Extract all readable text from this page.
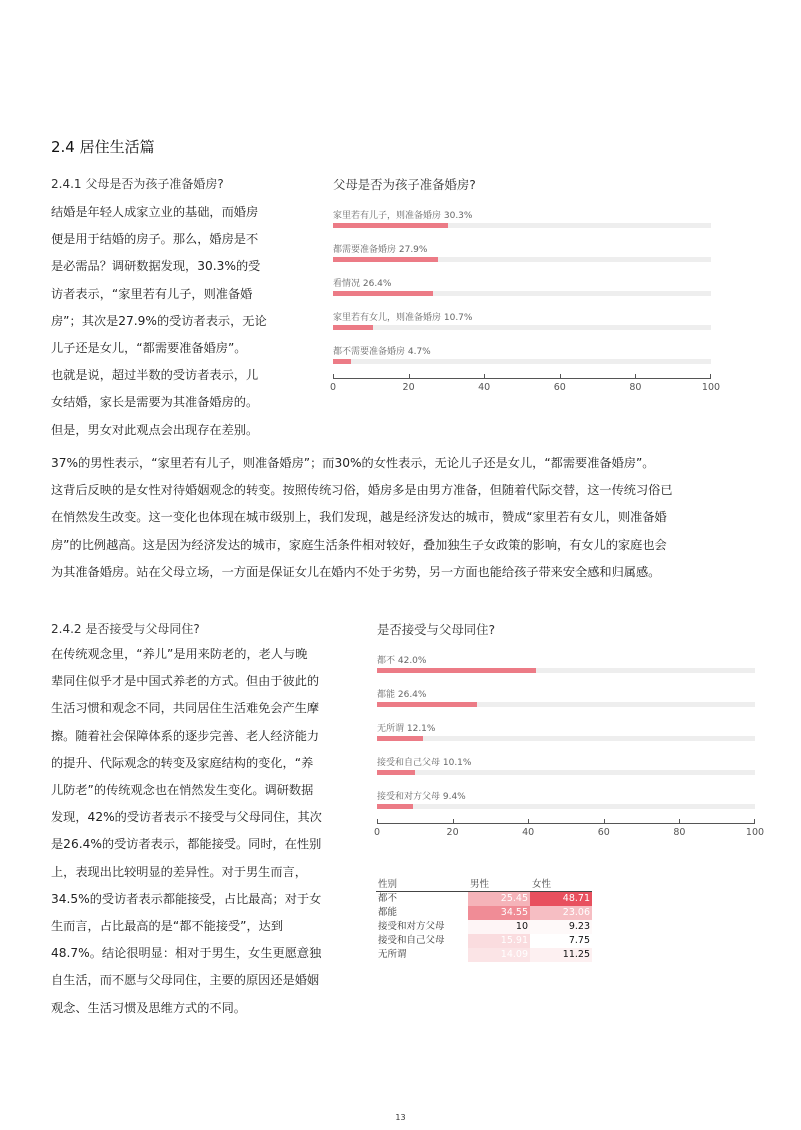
2.4 居住生活篇
2.4.1 父母是否为孩子准备婚房?

结婚是年轻人成家立业的基础，而婚房

便是用于结婚的房子。那么，婚房是不

是必需品？调研数据发现，30.3%的受

访者表示，“家里若有儿子，则准备婚

房”；其次是27.9%的受访者表示，无论

儿子还是女儿，“都需要准备婚房”。

也就是说，超过半数的受访者表示，儿

女结婚，家长是需要为其准备婚房的。

但是，男女对此观点会出现存在差别。

37%的男性表示，“家里若有儿子，则准备婚房”；而30%的女性表示，无论儿子还是女儿，“都需要准备婚房”。

这背后反映的是女性对待婚姻观念的转变。按照传统习俗，婚房多是由男方准备，但随着代际交替，这一传统习俗已

在悄然发生改变。这一变化也体现在城市级别上，我们发现，越是经济发达的城市，赞成“家里若有女儿，则准备婚

房”的比例越高。这是因为经济发达的城市，家庭生活条件相对较好，叠加独生子女政策的影响，有女儿的家庭也会

为其准备婚房。站在父母立场，一方面是保证女儿在婚内不处于劣势，另一方面也能给孩子带来安全感和归属感。

父母是否为孩子准备婚房?
家里若有儿子，则准备婚房 30.3%
都需要准备婚房 27.9%
看情况 26.4%
家里若有女儿，则准备婚房 10.7%
都不需要准备婚房 4.7%
0	20	40	60	80	100
2.4.2 是否接受与父母同住?

在传统观念里，“养儿”是用来防老的，老人与晚

辈同住似乎才是中国式养老的方式。但由于彼此的

生活习惯和观念不同，共同居住生活难免会产生摩

擦。随着社会保障体系的逐步完善、老人经济能力

的提升、代际观念的转变及家庭结构的变化，“养

儿防老”的传统观念也在悄然发生变化。调研数据

发现，42%的受访者表示不接受与父母同住，其次

是26.4%的受访者表示，都能接受。同时，在性别

上，表现出比较明显的差异性。对于男生而言，

34.5%的受访者表示都能接受，占比最高；对于女

生而言，占比最高的是“都不能接受”，达到

48.7%。结论很明显：相对于男生，女生更愿意独

自生活，而不愿与父母同住，主要的原因还是婚姻

观念、生活习惯及思维方式的不同。

是否接受与父母同住?
都不 42.0%
都能 26.4%
无所谓 12.1%
接受和自己父母 10.1%
接受和对方父母 9.4%
0	20	40	60	80	100
性别	男性	女性
都不	25.45	48.71
都能	34.55	23.06
接受和对方父母	10	9.23
接受和自己父母	15.91	7.75
无所谓	14.09	11.25
13
